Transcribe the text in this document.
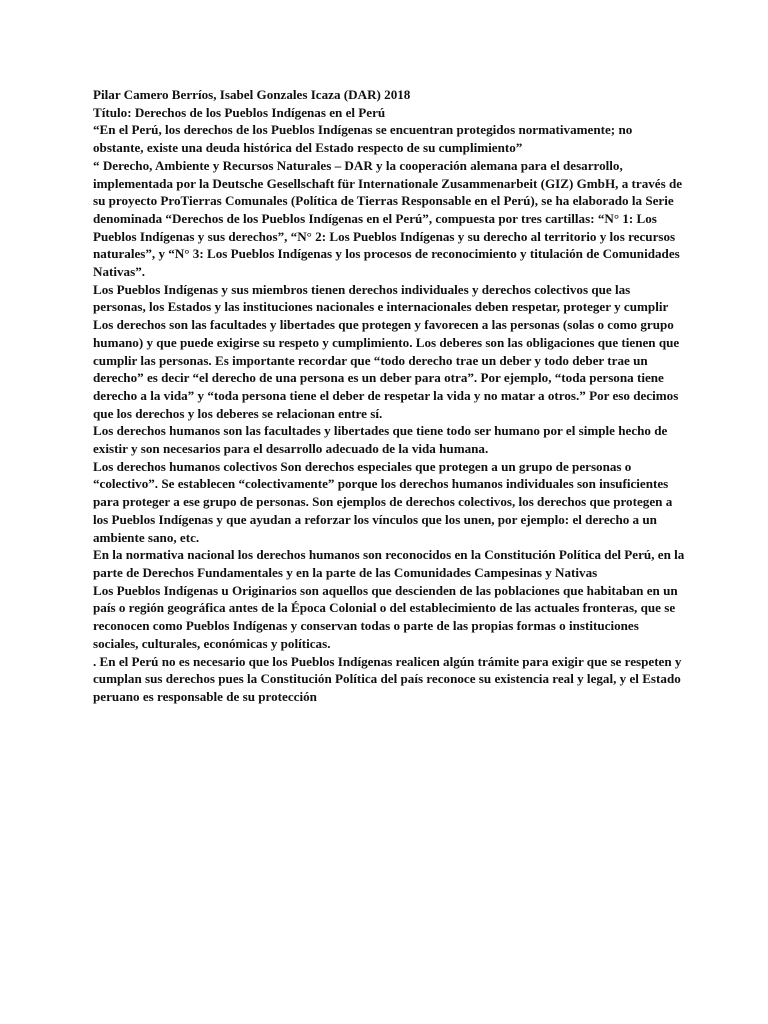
Pilar Camero Berríos, Isabel Gonzales Icaza (DAR) 2018

Título: Derechos de los Pueblos Indígenas en el Perú

“En el Perú, los derechos de los Pueblos Indígenas se encuentran protegidos normativamente; no obstante, existe una deuda histórica del Estado respecto de su cumplimiento”

“ Derecho, Ambiente y Recursos Naturales – DAR y la cooperación alemana para el desarrollo, implementada por la Deutsche Gesellschaft für Internationale Zusammenarbeit (GIZ) GmbH, a través de su proyecto ProTierras Comunales (Política de Tierras Responsable en el Perú), se ha elaborado la Serie denominada “Derechos de los Pueblos Indígenas en el Perú”, compuesta por tres cartillas: “N° 1: Los Pueblos Indígenas y sus derechos”, “N° 2: Los Pueblos Indígenas y su derecho al territorio y los recursos naturales”, y “N° 3: Los Pueblos Indígenas y los procesos de reconocimiento y titulación de Comunidades Nativas”.

Los Pueblos Indígenas y sus miembros tienen derechos individuales y derechos colectivos que las personas, los Estados y las instituciones nacionales e internacionales deben respetar, proteger y cumplir

Los derechos son las facultades y libertades que protegen y favorecen a las personas (solas o como grupo humano) y que puede exigirse su respeto y cumplimiento. Los deberes son las obligaciones que tienen que cumplir las personas. Es importante recordar que “todo derecho trae un deber y todo deber trae un derecho” es decir “el derecho de una persona es un deber para otra”. Por ejemplo, “toda persona tiene derecho a la vida” y “toda persona tiene el deber de respetar la vida y no matar a otros.” Por eso decimos que los derechos y los deberes se relacionan entre sí.

Los derechos humanos son las facultades y libertades que tiene todo ser humano por el simple hecho de existir y son necesarios para el desarrollo adecuado de la vida humana.

Los derechos humanos colectivos Son derechos especiales que protegen a un grupo de personas o “colectivo”. Se establecen “colectivamente” porque los derechos humanos individuales son insuficientes para proteger a ese grupo de personas. Son ejemplos de derechos colectivos, los derechos que protegen a los Pueblos Indígenas y que ayudan a reforzar los vínculos que los unen, por ejemplo: el derecho a un ambiente sano, etc.

En la normativa nacional los derechos humanos son reconocidos en la Constitución Política del Perú, en la parte de Derechos Fundamentales y en la parte de las Comunidades Campesinas y Nativas

Los Pueblos Indígenas u Originarios son aquellos que descienden de las poblaciones que habitaban en un país o región geográfica antes de la Época Colonial o del establecimiento de las actuales fronteras, que se reconocen como Pueblos Indígenas y conservan todas o parte de las propias formas o instituciones sociales, culturales, económicas y políticas.

. En el Perú no es necesario que los Pueblos Indígenas realicen algún trámite para exigir que se respeten y cumplan sus derechos pues la Constitución Política del país reconoce su existencia real y legal, y el Estado peruano es responsable de su protección
